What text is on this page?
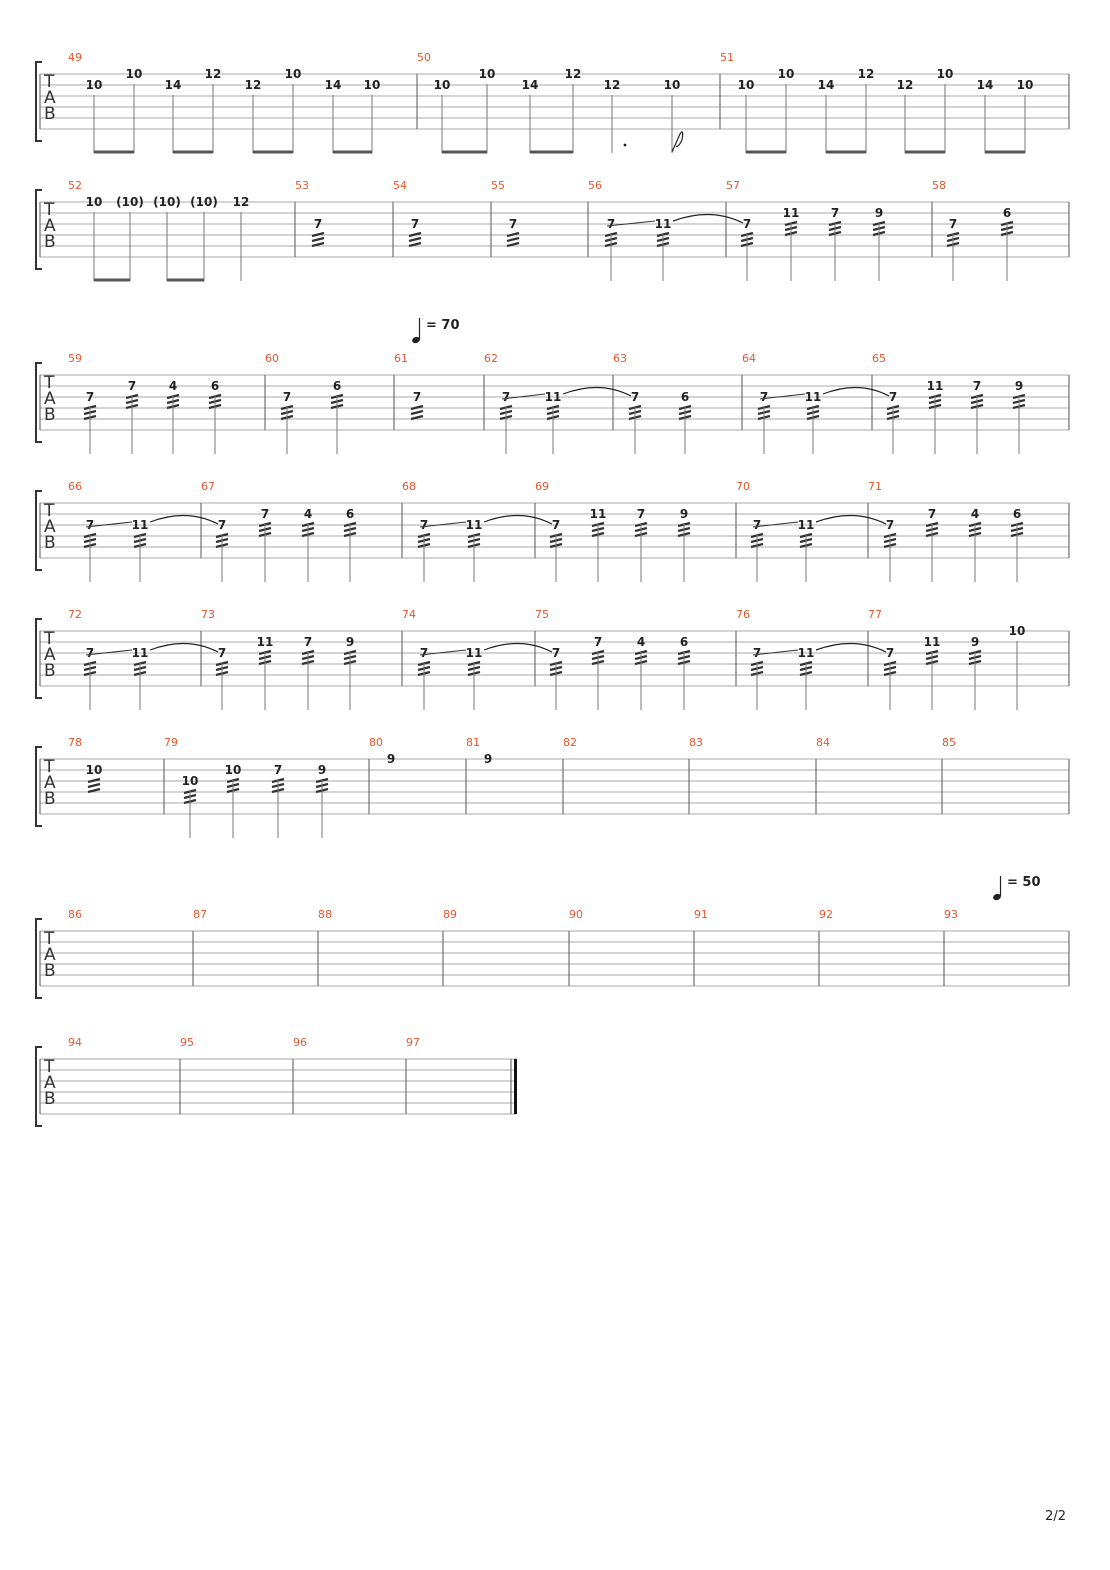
T
A
B
49
10
10
14
12
12
10
14 10
50
10
10
14
12
12	10
51
10
10
14
12
12
10
14 10
T
A
B
52
10 (10) (10) (10) 12
53
7
54
7
55
7
56
7	11
57
7
11	7	9
58
7
6
T
A
B
59
7
7	4	6
60
7
6
61
7
62
7	11
63
7	6
64
7	11
65
7
11 7	9
T
A
B
66
7	11
67
7
7	4	6
68
7	11
69
7
11	7	9
70
7	11
71
7
7	4	6
T
A
B
72
7	11
73
7
11	7	9
74
7	11
75
7
7	4	6
76
7	11
77
7
11	9
10
T
A
B
78
10
79
10
10	7	9
80
9
81
9
82	83	84	85
T
A
B
86	87	88	89	90	91	92	93
T
A
B
94	95	96	97
= 70
= 50
2/2
